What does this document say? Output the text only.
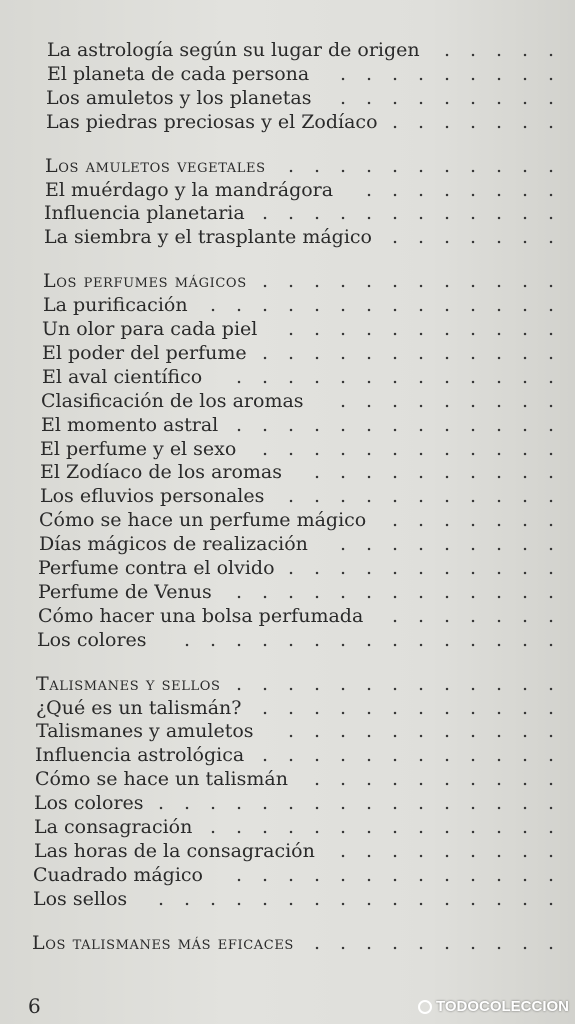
La astrología según su lugar de origen . . . . .
El planeta de cada persona . . . . . . . . .
Los amuletos y los planetas . . . . . . . . .
Las piedras preciosas y el Zodíaco . . . . . . .
Los amuletos vegetales . . . . . . . . . . .
El muérdago y la mandrágora . . . . . . . .
Influencia planetaria . . . . . . . . . . . .
La siembra y el trasplante mágico . . . . . . .
Los perfumes mágicos . . . . . . . . . . . .
La purificación . . . . . . . . . . . . . .
Un olor para cada piel . . . . . . . . . . .
El poder del perfume . . . . . . . . . . . .
El aval científico . . . . . . . . . . . . .
Clasificación de los aromas . . . . . . . . .
El momento astral . . . . . . . . . . . . .
El perfume y el sexo . . . . . . . . . . . .
El Zodíaco de los aromas . . . . . . . . . .
Los efluvios personales . . . . . . . . . . .
Cómo se hace un perfume mágico . . . . . . .
Días mágicos de realización . . . . . . . . .
Perfume contra el olvido . . . . . . . . . . .
Perfume de Venus . . . . . . . . . . . . .
Cómo hacer una bolsa perfumada . . . . . . .
Los colores . . . . . . . . . . . . . . .
Talismanes y sellos . . . . . . . . . . . . .
¿Qué es un talismán? . . . . . . . . . . . .
Talismanes y amuletos . . . . . . . . . . .
Influencia astrológica . . . . . . . . . . . .
Cómo se hace un talismán . . . . . . . . . .
Los colores . . . . . . . . . . . . . . . .
La consagración . . . . . . . . . . . . . .
Las horas de la consagración . . . . . . . . .
Cuadrado mágico . . . . . . . . . . . . .
Los sellos . . . . . . . . . . . . . . . .
Los talismanes más eficaces . . . . . . . . . .
6	TODOCOLECCION
